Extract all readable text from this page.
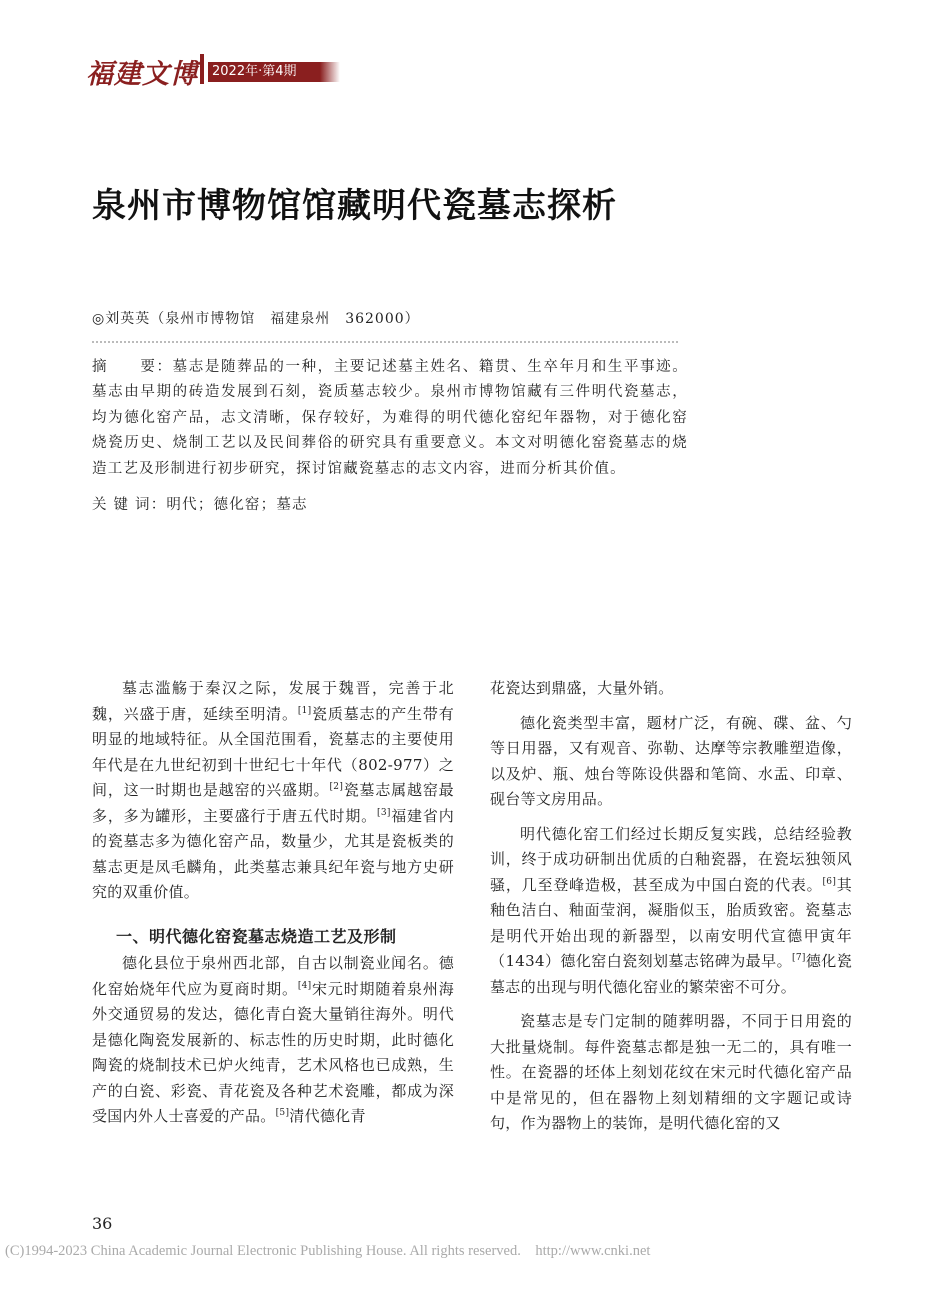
福建文博	2022年·第4期
泉州市博物馆馆藏明代瓷墓志探析
◎刘英英（泉州市博物馆　福建泉州　362000）
摘　　要：墓志是随葬品的一种，主要记述墓主姓名、籍贯、生卒年月和生平事迹。墓志由早期的砖造发展到石刻，瓷质墓志较少。泉州市博物馆藏有三件明代瓷墓志，均为德化窑产品，志文清晰，保存较好，为难得的明代德化窑纪年器物，对于德化窑烧瓷历史、烧制工艺以及民间葬俗的研究具有重要意义。本文对明德化窑瓷墓志的烧造工艺及形制进行初步研究，探讨馆藏瓷墓志的志文内容，进而分析其价值。
关 键 词：明代；德化窑；墓志

墓志滥觞于秦汉之际，发展于魏晋，完善于北魏，兴盛于唐，延续至明清。[1]瓷质墓志的产生带有明显的地域特征。从全国范围看，瓷墓志的主要使用年代是在九世纪初到十世纪七十年代（802-977）之间，这一时期也是越窑的兴盛期。[2]瓷墓志属越窑最多，多为罐形，主要盛行于唐五代时期。[3]福建省内的瓷墓志多为德化窑产品，数量少，尤其是瓷板类的墓志更是凤毛麟角，此类墓志兼具纪年瓷与地方史研究的双重价值。

一、明代德化窑瓷墓志烧造工艺及形制

德化县位于泉州西北部，自古以制瓷业闻名。德化窑始烧年代应为夏商时期。[4]宋元时期随着泉州海外交通贸易的发达，德化青白瓷大量销往海外。明代是德化陶瓷发展新的、标志性的历史时期，此时德化陶瓷的烧制技术已炉火纯青，艺术风格也已成熟，生产的白瓷、彩瓷、青花瓷及各种艺术瓷雕，都成为深受国内外人士喜爱的产品。[5]清代德化青

花瓷达到鼎盛，大量外销。

德化瓷类型丰富，题材广泛，有碗、碟、盆、勺等日用器，又有观音、弥勒、达摩等宗教雕塑造像，以及炉、瓶、烛台等陈设供器和笔筒、水盂、印章、砚台等文房用品。

明代德化窑工们经过长期反复实践，总结经验教训，终于成功研制出优质的白釉瓷器，在瓷坛独领风骚，几至登峰造极，甚至成为中国白瓷的代表。[6]其釉色洁白、釉面莹润，凝脂似玉，胎质致密。瓷墓志是明代开始出现的新器型，以南安明代宣德甲寅年（1434）德化窑白瓷刻划墓志铭碑为最早。[7]德化瓷墓志的出现与明代德化窑业的繁荣密不可分。

瓷墓志是专门定制的随葬明器，不同于日用瓷的大批量烧制。每件瓷墓志都是独一无二的，具有唯一性。在瓷器的坯体上刻划花纹在宋元时代德化窑产品中是常见的，但在器物上刻划精细的文字题记或诗句，作为器物上的装饰，是明代德化窑的又

36
(C)1994-2023 China Academic Journal Electronic Publishing House. All rights reserved.    http://www.cnki.net
